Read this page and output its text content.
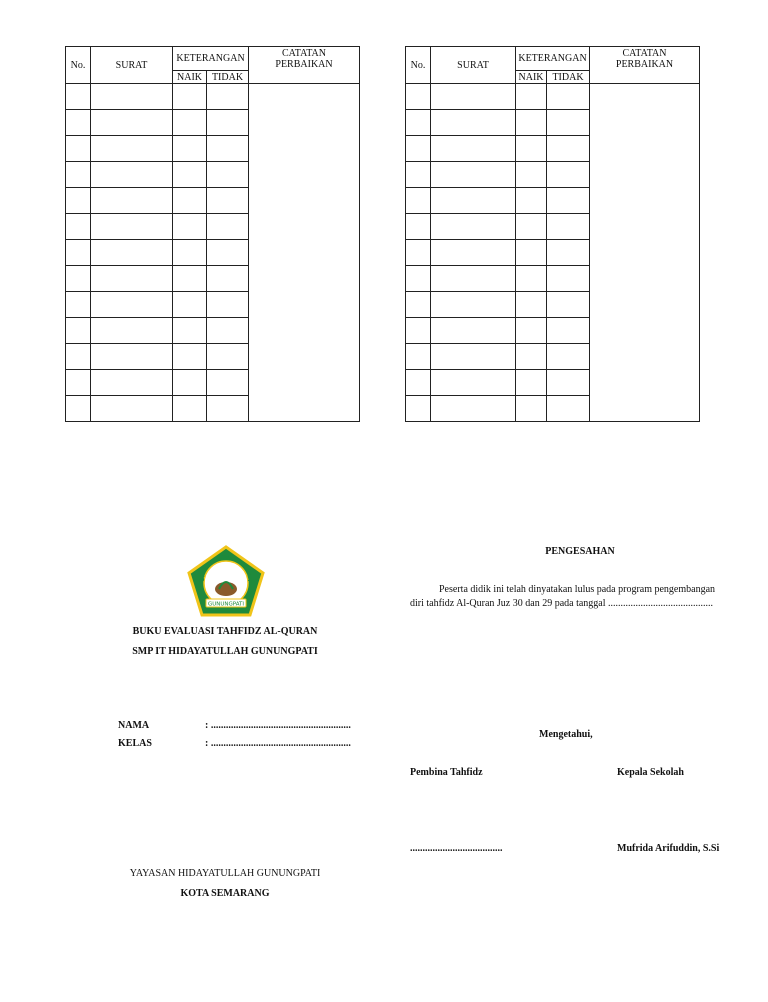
No.	SURAT	KETERANGAN		CATATAN
PERBAIKAN

		NAIK	TIDAK	

No.	SURAT	KETERANGAN		CATATAN
PERBAIKAN

		NAIK	TIDAK	

SMP IT HIDAYATULLAH
GUNUNGPATI
BUKU EVALUASI TAHFIDZ AL-QURAN
SMP IT HIDAYATULLAH GUNUNGPATI
NAMA	: ........................................................
KELAS	: ........................................................
YAYASAN HIDAYATULLAH GUNUNGPATI
KOTA SEMARANG
PENGESAHAN
Peserta didik ini telah dinyatakan lulus pada program pengembangan
diri tahfidz Al-Quran Juz 30 dan 29 pada tanggal ..........................................
Mengetahui,
Pembina Tahfidz	Kepala Sekolah
.....................................	Mufrida Arifuddin, S.Si
